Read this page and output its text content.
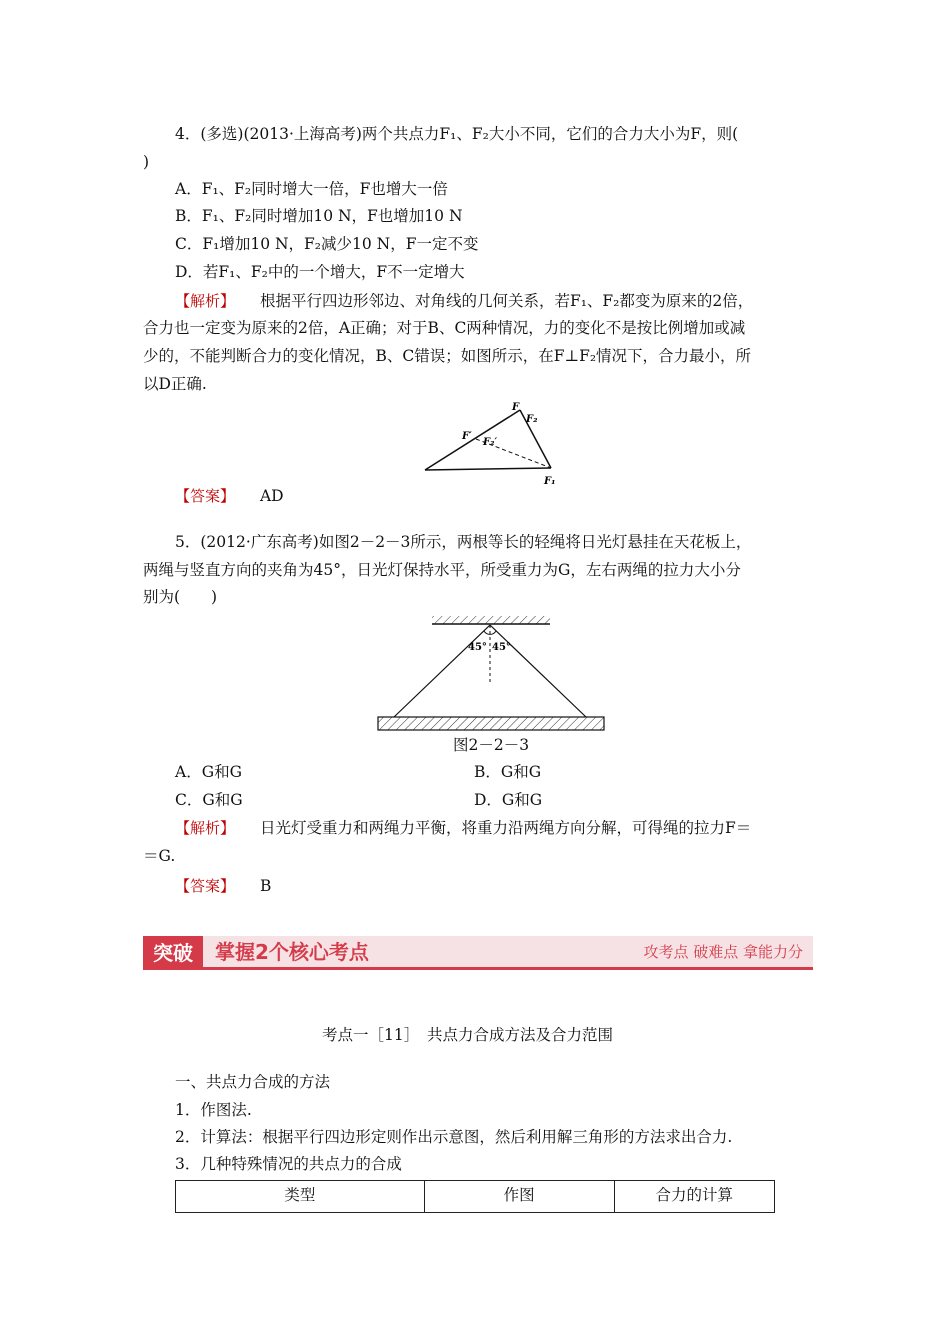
4．(多选)(2013·上海高考)两个共点力F₁、F₂大小不同，它们的合力大小为F，则(
)
A．F₁、F₂同时增大一倍，F也增大一倍
B．F₁、F₂同时增加10 N，F也增加10 N
C．F₁增加10 N，F₂减少10 N，F一定不变
D．若F₁、F₂中的一个增大，F不一定增大
【解析】 根据平行四边形邻边、对角线的几何关系，若F₁、F₂都变为原来的2倍，
合力也一定变为原来的2倍，A正确；对于B、C两种情况，力的变化不是按比例增加或减
少的，不能判断合力的变化情况，B、C错误；如图所示，在F⊥F₂情况下，合力最小，所
以D正确.
F
F₂
F′
F₂′
F₁
【答案】 AD
5．(2012·广东高考)如图2－2－3所示，两根等长的轻绳将日光灯悬挂在天花板上，
两绳与竖直方向的夹角为45°，日光灯保持水平，所受重力为G，左右两绳的拉力大小分
别为(　　)
45° 45°
图2－2－3
A．G和G	B．G和G
C．G和G	D．G和G
【解析】 日光灯受重力和两绳力平衡，将重力沿两绳方向分解，可得绳的拉力F＝
＝G.
【答案】 B
突破	掌握2个核心考点	攻考点 破难点 拿能力分
考点一［11］　共点力合成方法及合力范围
一、共点力合成的方法
1．作图法.
2．计算法：根据平行四边形定则作出示意图，然后利用解三角形的方法求出合力.
3．几种特殊情况的共点力的合成
类型	作图	合力的计算
